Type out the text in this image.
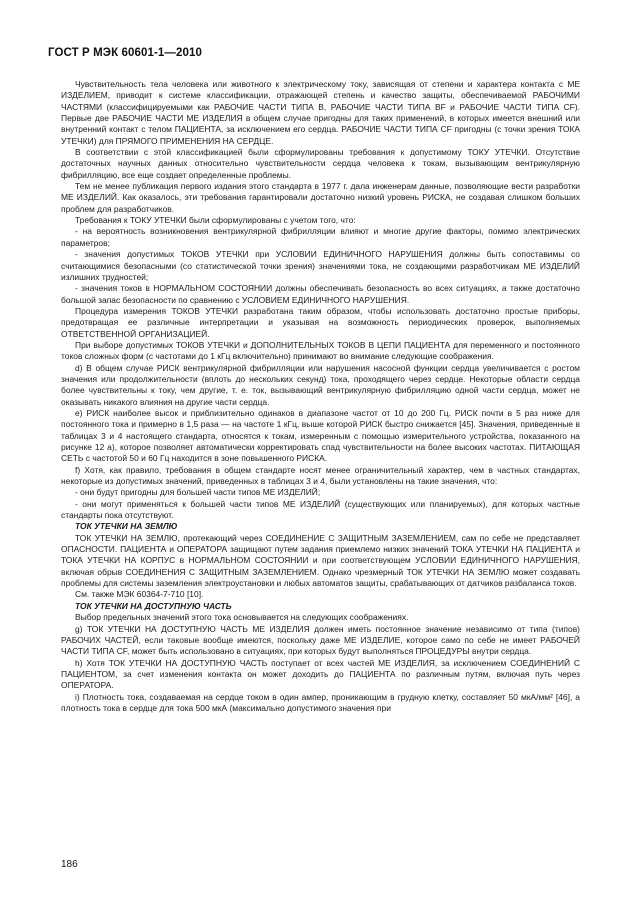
ГОСТ Р МЭК 60601-1—2010

Чувствительность тела человека или животного к электрическому току, зависящая от степени и характера контакта с МЕ ИЗДЕЛИЕМ, приводит к системе классификации, отражающей степень и качество защиты, обеспечиваемой РАБОЧИМИ ЧАСТЯМИ (классифицируемыми как РАБОЧИЕ ЧАСТИ ТИПА В, РАБОЧИЕ ЧАСТИ ТИПА ВF и РАБОЧИЕ ЧАСТИ ТИПА СF). Первые две РАБОЧИЕ ЧАСТИ МЕ ИЗДЕЛИЯ в общем случае пригодны для таких применений, в которых имеется внешний или внутренний контакт с телом ПАЦИЕНТА, за исключением его сердца. РАБОЧИЕ ЧАСТИ ТИПА СF пригодны (с точки зрения ТОКА УТЕЧКИ) для ПРЯМОГО ПРИМЕНЕНИЯ НА СЕРДЦЕ.

В соответствии с этой классификацией были сформулированы требования к допустимому ТОКУ УТЕЧКИ. Отсутствие достаточных научных данных относительно чувствительности сердца человека к токам, вызывающим вентрикулярную фибрилляцию, все еще создает определенные проблемы.

Тем не менее публикация первого издания этого стандарта в 1977 г. дала инженерам данные, позволяющие вести разработки МЕ ИЗДЕЛИЙ. Как оказалось, эти требования гарантировали достаточно низкий уровень РИСКА, не создавая слишком больших проблем для разработчиков.

Требования к ТОКУ УТЕЧКИ были сформулированы с учетом того, что:

- на вероятность возникновения вентрикулярной фибрилляции влияют и многие другие факторы, помимо электрических параметров;

- значения допустимых ТОКОВ УТЕЧКИ при УСЛОВИИ ЕДИНИЧНОГО НАРУШЕНИЯ должны быть сопоставимы со считающимися безопасными (со статистической точки зрения) значениями тока, не создающими разработчикам МЕ ИЗДЕЛИЙ излишних трудностей;

- значения токов в НОРМАЛЬНОМ СОСТОЯНИИ должны обеспечивать безопасность во всех ситуациях, а также достаточно большой запас безопасности по сравнению с УСЛОВИЕМ ЕДИНИЧНОГО НАРУШЕНИЯ.

Процедура измерения ТОКОВ УТЕЧКИ разработана таким образом, чтобы использовать достаточно простые приборы, предотвращая ее различные интерпретации и указывая на возможность периодических проверок, выполняемых ОТВЕТСТВЕННОЙ ОРГАНИЗАЦИЕЙ.

При выборе допустимых ТОКОВ УТЕЧКИ и ДОПОЛНИТЕЛЬНЫХ ТОКОВ В ЦЕПИ ПАЦИЕНТА для переменного и постоянного токов сложных форм (с частотами до 1 кГц включительно) принимают во внимание следующие соображения.

d) В общем случае РИСК вентрикулярной фибрилляции или нарушения насосной функции сердца увеличивается с ростом значения или продолжительности (вплоть до нескольких секунд) тока, проходящего через сердце. Некоторые области сердца более чувствительны к току, чем другие, т. е. ток, вызывающий вентрикулярную фибрилляцию одной части сердца, может не оказывать никакого влияния на другие части сердца.

e) РИСК наиболее высок и приблизительно одинаков в диапазоне частот от 10 до 200 Гц. РИСК почти в 5 раз ниже для постоянного тока и примерно в 1,5 раза — на частоте 1 кГц, выше которой РИСК быстро снижается [45]. Значения, приведенные в таблицах 3 и 4 настоящего стандарта, относятся к токам, измеренным с помощью измерительного устройства, показанного на рисунке 12 а), которое позволяет автоматически корректировать спад чувствительности на более высоких частотах. ПИТАЮЩАЯ СЕТЬ с частотой 50 и 60 Гц находится в зоне повышенного РИСКА.

f) Хотя, как правило, требования в общем стандарте носят менее ограничительный характер, чем в частных стандартах, некоторые из допустимых значений, приведенных в таблицах 3 и 4, были установлены на такие значения, что:

- они будут пригодны для большей части типов МЕ ИЗДЕЛИЙ;

- они могут применяться к большей части типов МЕ ИЗДЕЛИЙ (существующих или планируемых), для которых частные стандарты пока отсутствуют.

ТОК УТЕЧКИ НА ЗЕМЛЮ

ТОК УТЕЧКИ НА ЗЕМЛЮ, протекающий через СОЕДИНЕНИЕ С ЗАЩИТНЫМ ЗАЗЕМЛЕНИЕМ, сам по себе не представляет ОПАСНОСТИ. ПАЦИЕНТА и ОПЕРАТОРА защищают путем задания приемлемо низких значений ТОКА УТЕЧКИ НА ПАЦИЕНТА и ТОКА УТЕЧКИ НА КОРПУС в НОРМАЛЬНОМ СОСТОЯНИИ и при соответствующем УСЛОВИИ ЕДИНИЧНОГО НАРУШЕНИЯ, включая обрыв СОЕДИНЕНИЯ С ЗАЩИТНЫМ ЗАЗЕМЛЕНИЕМ. Однако чрезмерный ТОК УТЕЧКИ НА ЗЕМЛЮ может создавать проблемы для системы заземления электроустановки и любых автоматов защиты, срабатывающих от датчиков разбаланса токов.

См. также МЭК 60364-7-710 [10].

ТОК УТЕЧКИ НА ДОСТУПНУЮ ЧАСТЬ

Выбор предельных значений этого тока основывается на следующих соображениях.

g) ТОК УТЕЧКИ НА ДОСТУПНУЮ ЧАСТЬ МЕ ИЗДЕЛИЯ должен иметь постоянное значение независимо от типа (типов) РАБОЧИХ ЧАСТЕЙ, если таковые вообще имеются, поскольку даже МЕ ИЗДЕЛИЕ, которое само по себе не имеет РАБОЧЕЙ ЧАСТИ ТИПА СF, может быть использовано в ситуациях, при которых будут выполняться ПРОЦЕДУРЫ внутри сердца.

h) Хотя ТОК УТЕЧКИ НА ДОСТУПНУЮ ЧАСТЬ поступает от всех частей МЕ ИЗДЕЛИЯ, за исключением СОЕДИНЕНИЙ С ПАЦИЕНТОМ, за счет изменения контакта он может доходить до ПАЦИЕНТА по различным путям, включая путь через ОПЕРАТОРА.

i) Плотность тока, создаваемая на сердце током в один ампер, проникающим в грудную клетку, составляет 50 мкА/мм² [46], а плотность тока в сердце для тока 500 мкА (максимально допустимого значения при

186
